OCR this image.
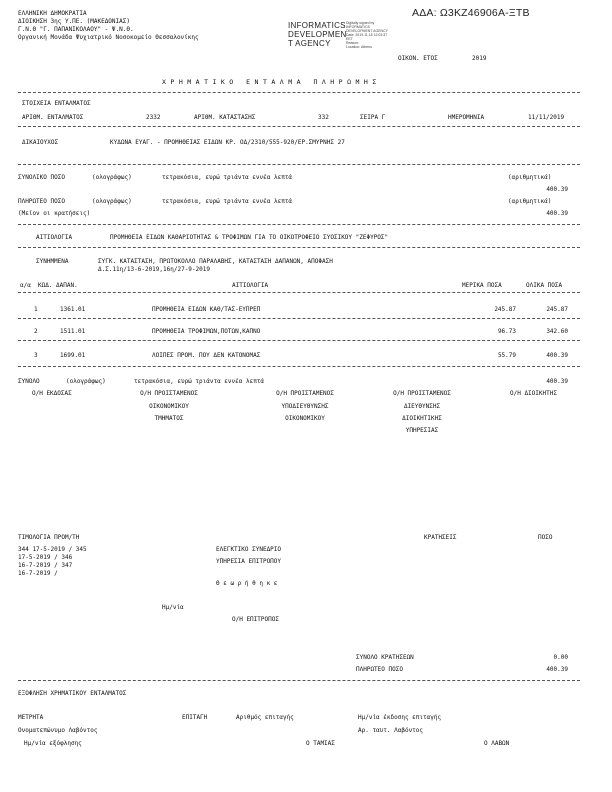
ΕΛΛΗΝΙΚΗ ΔΗΜΟΚΡΑΤΙΑ
ΔΙΟΙΚΗΣΗ 3ης Υ.ΠΕ. (ΜΑΚΕΔΟΝΙΑΣ)
Γ.Ν.Θ "Γ. ΠΑΠΑΝΙΚΟΛΑΟΥ" - Ψ.Ν.Θ.
Οργανική Μονάδα Ψυχιατρικό Νοσοκομείο Θεσσαλονίκης
INFORMATICS
DEVELOPMEN
T AGENCY
Digitally signed by
INFORMATICS
DEVELOPMENT AGENCY
Date: 2019.11.18 12:03:37
EET
Reason:
Location: Athens
ΑΔΑ: Ω3ΚΖ46906Α-ΞΤΒ
ΟΙΚΟΝ. ΕΤΟΣ	2019
ΧΡΗΜΑΤΙΚΟ ΕΝΤΑΛΜΑ ΠΛΗΡΩΜΗΣ
ΣΤΟΙΧΕΙΑ ΕΝΤΑΛΜΑΤΟΣ
ΑΡΙΘΜ. ΕΝΤΑΛΜΑΤΟΣ	2332	ΑΡΙΘΜ. ΚΑΤΑΣΤΑΣΗΣ	332	ΣΕΙΡΑ Γ	ΗΜΕΡΟΜΗΝΙΑ	11/11/2019
ΔΙΚΑΙΟΥΧΟΣ	ΚΥΔΩΝΑ ΕΥΑΓ. - ΠΡΟΜΗΘΕΙΑΣ ΕΙΔΩΝ ΚΡ. ΟΔ/2310/555-920/ΕΡ.ΣΜΥΡΝΗΣ 27
ΣΥΝΟΛΙΚΟ ΠΟΣΟ	(ολογράφως)	τετρακόσια, ευρώ τριάντα εννέα λεπτά	(αριθμητικά)
400.39
ΠΛΗΡΩΤΕΟ ΠΟΣΟ	(ολογράφως)	τετρακόσια, ευρώ τριάντα εννέα λεπτά	(αριθμητικά)
(Μείον οι κρατήσεις)	400.39
ΑΙΤΙΟΛΟΓΙΑ	ΠΡΟΜΗΘΕΙΑ ΕΙΔΩΝ ΚΑΘΑΡΙΟΤΗΤΑΣ & ΤΡΟΦΙΜΩΝ ΓΙΑ ΤΟ ΟΙΚΟΤΡΟΦΕΙΟ ΣΥΟΣΙΚΟΥ "ΖΕΦΥΡΟΣ"
ΣΥΝΗΜΜΕΝΑ	ΣΥΓΚ. ΚΑΤΑΣΤΑΣΗ, ΠΡΩΤΟΚΟΛΛΟ ΠΑΡΑΛΑΒΗΣ, ΚΑΤΑΣΤΑΣΗ ΔΑΠΑΝΩΝ, ΑΠΟΦΑΣΗ
Δ.Σ.11η/13-6-2019,16η/27-9-2019
α/α ΚΩΔ. ΔΑΠΑΝ.	ΑΙΤΙΟΛΟΓΙΑ	ΜΕΡΙΚΑ ΠΟΣΑ	ΟΛΙΚΑ ΠΟΣΑ
1	1361.01	ΠΡΟΜΗΘΕΙΑ ΕΙΔΩΝ ΚΑΘ/ΤΑΣ-ΕΥΠΡΕΠ	245.87	245.87
2	1511.01	ΠΡΟΜΗΘΕΙΑ ΤΡΟΦΙΜΩΝ,ΠΟΤΩΝ,ΚΑΠΝΟ	96.73	342.60
3	1699.01	ΛΟΙΠΕΣ ΠΡΟΜ. ΠΟΥ ΔΕΝ ΚΑΤΟΝΟΜΑΣ	55.79	400.39
ΣΥΝΟΛΟ	(ολογράφως)	τετρακόσια, ευρώ τριάντα εννέα λεπτά	400.39
Ο/Η ΕΚΔΟΣΑΣ	Ο/Η ΠΡΟΙΣΤΑΜΕΝΟΣ
ΟΙΚΟΝΟΜΙΚΟΥ
ΤΜΗΜΑΤΟΣ
Ο/Η ΠΡΟΙΣΤΑΜΕΝΟΣ
ΥΠΟΔΙΕΥΘΥΝΣΗΣ
ΟΙΚΟΝΟΜΙΚΟΥ
Ο/Η ΠΡΟΙΣΤΑΜΕΝΟΣ
ΔΙΕΥΘΥΝΣΗΣ
ΔΙΟΙΚΗΤΙΚΗΣ
ΥΠΗΡΕΣΙΑΣ
Ο/Η ΔΙΟΙΚΗΤΗΣ
ΤΙΜΟΛΟΓΙΑ ΠΡΟΜ/ΤΗ
344 17-5-2019 / 345
17-5-2019 / 346
16-7-2019 / 347
16-7-2019 /
ΕΛΕΓΚΤΙΚΟ ΣΥΝΕΔΡΙΟ
ΥΠΗΡΕΣΙΑ ΕΠΙΤΡΟΠΟΥ
Θ ε ω ρ ή θ η κ ε
ΚΡΑΤΗΣΕΙΣ	ΠΟΣΟ
Ημ/νία
Ο/Η ΕΠΙΤΡΟΠΟΣ
ΣΥΝΟΛΟ ΚΡΑΤΗΣΕΩΝ	0.00
ΠΛΗΡΩΤΕΟ ΠΟΣΟ	400.39
ΕΞΟΦΛΗΣΗ ΧΡΗΜΑΤΙΚΟΥ ΕΝΤΑΛΜΑΤΟΣ
ΜΕΤΡΗΤΑ	ΕΠΙΤΑΓΗ	Αριθμός επιταγής	Ημ/νία έκδοσης επιταγής
Ονοματεπώνυμο Λαβόντος	Αρ. ταυτ. Λαβόντος
Ημ/νία εξόφλησης	Ο ΤΑΜΙΑΣ	Ο ΛΑΒΩΝ
